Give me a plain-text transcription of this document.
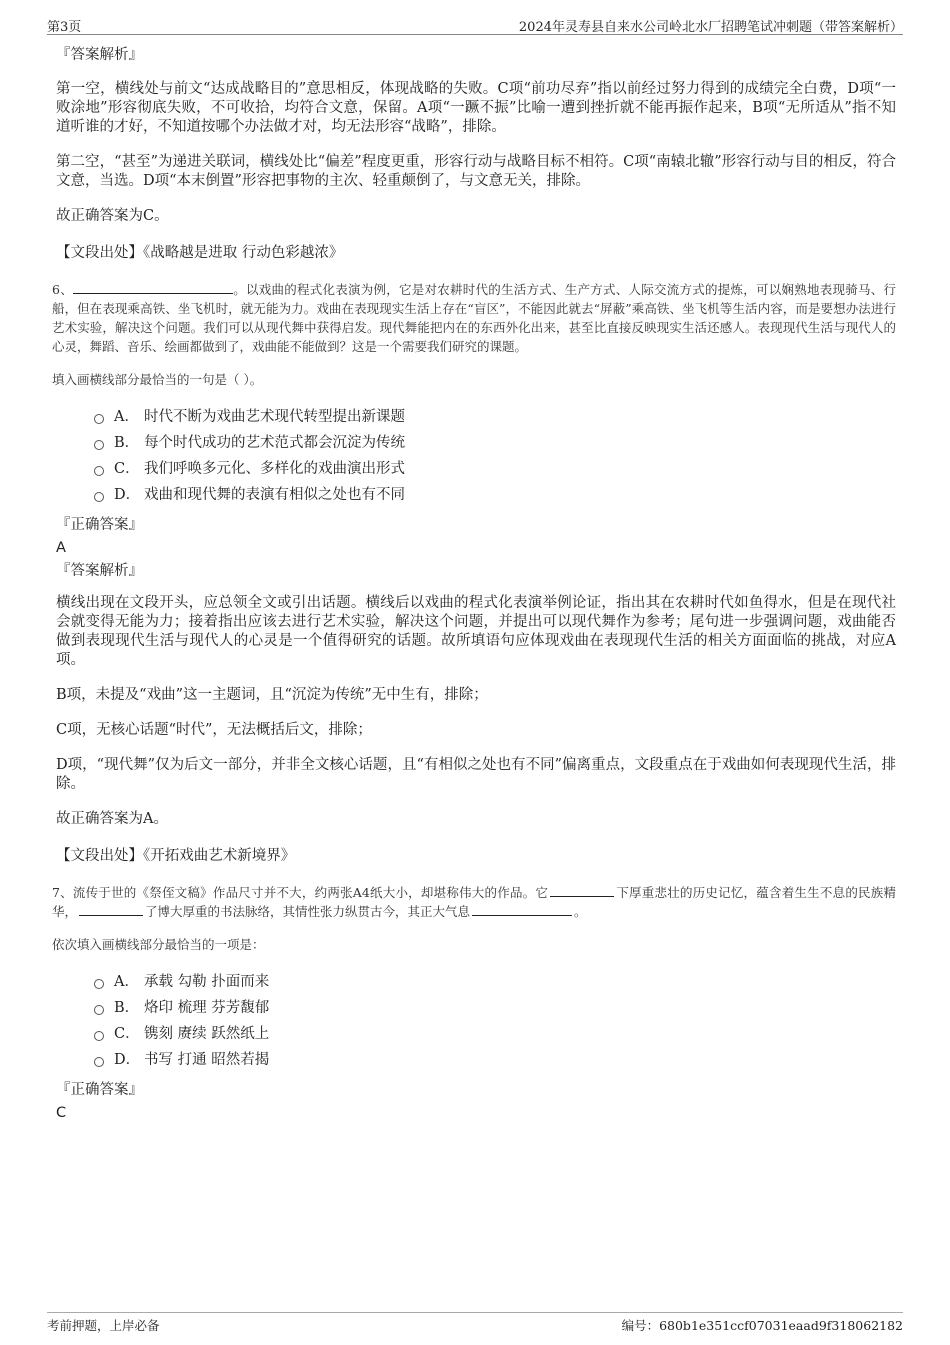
第3页	2024年灵寿县自来水公司岭北水厂招聘笔试冲刺题（带答案解析）

『答案解析』

第一空，横线处与前文“达成战略目的”意思相反，体现战略的失败。C项“前功尽弃”指以前经过努力得到的成绩完全白费，D项“一败涂地”形容彻底失败，不可收拾，均符合文意，保留。A项“一蹶不振”比喻一遭到挫折就不能再振作起来，B项“无所适从”指不知道听谁的才好，不知道按哪个办法做才对，均无法形容“战略”，排除。

第二空，“甚至”为递进关联词，横线处比“偏差”程度更重，形容行动与战略目标不相符。C项“南辕北辙”形容行动与目的相反，符合文意，当选。D项“本末倒置”形容把事物的主次、轻重颠倒了，与文意无关，排除。

故正确答案为C。

【文段出处】《战略越是进取 行动色彩越浓》

6、	。以戏曲的程式化表演为例，它是对农耕时代的生活方式、生产方式、人际交流方式的提炼，可以娴熟地表现骑马、行船，但在表现乘高铁、坐飞机时，就无能为力。戏曲在表现现实生活上存在“盲区”，不能因此就去“屏蔽”乘高铁、坐飞机等生活内容，而是要想办法进行艺术实验，解决这个问题。我们可以从现代舞中获得启发。现代舞能把内在的东西外化出来，甚至比直接反映现实生活还感人。表现现代生活与现代人的心灵，舞蹈、音乐、绘画都做到了，戏曲能不能做到？这是一个需要我们研究的课题。

填入画横线部分最恰当的一句是（ ）。

A． 时代不断为戏曲艺术现代转型提出新课题
B． 每个时代成功的艺术范式都会沉淀为传统
C． 我们呼唤多元化、多样化的戏曲演出形式
D． 戏曲和现代舞的表演有相似之处也有不同

『正确答案』

A

『答案解析』

横线出现在文段开头，应总领全文或引出话题。横线后以戏曲的程式化表演举例论证，指出其在农耕时代如鱼得水，但是在现代社会就变得无能为力；接着指出应该去进行艺术实验，解决这个问题，并提出可以现代舞作为参考；尾句进一步强调问题，戏曲能否做到表现现代生活与现代人的心灵是一个值得研究的话题。故所填语句应体现戏曲在表现现代生活的相关方面面临的挑战，对应A项。

B项，未提及“戏曲”这一主题词，且“沉淀为传统”无中生有，排除；

C项，无核心话题“时代”，无法概括后文，排除；

D项，“现代舞”仅为后文一部分，并非全文核心话题，且“有相似之处也有不同”偏离重点，文段重点在于戏曲如何表现现代生活，排除。

故正确答案为A。

【文段出处】《开拓戏曲艺术新境界》

7、流传于世的《祭侄文稿》作品尺寸并不大，约两张A4纸大小，却堪称伟大的作品。它	下厚重悲壮的历史记忆，蕴含着生生不息的民族精华，	了博大厚重的书法脉络，其情性张力纵贯古今，其正大气息	。

依次填入画横线部分最恰当的一项是：

A． 承载 勾勒 扑面而来
B． 烙印 梳理 芬芳馥郁
C． 镌刻 赓续 跃然纸上
D． 书写 打通 昭然若揭

『正确答案』

C

考前押题，上岸必备	编号：680b1e351ccf07031eaad9f318062182
